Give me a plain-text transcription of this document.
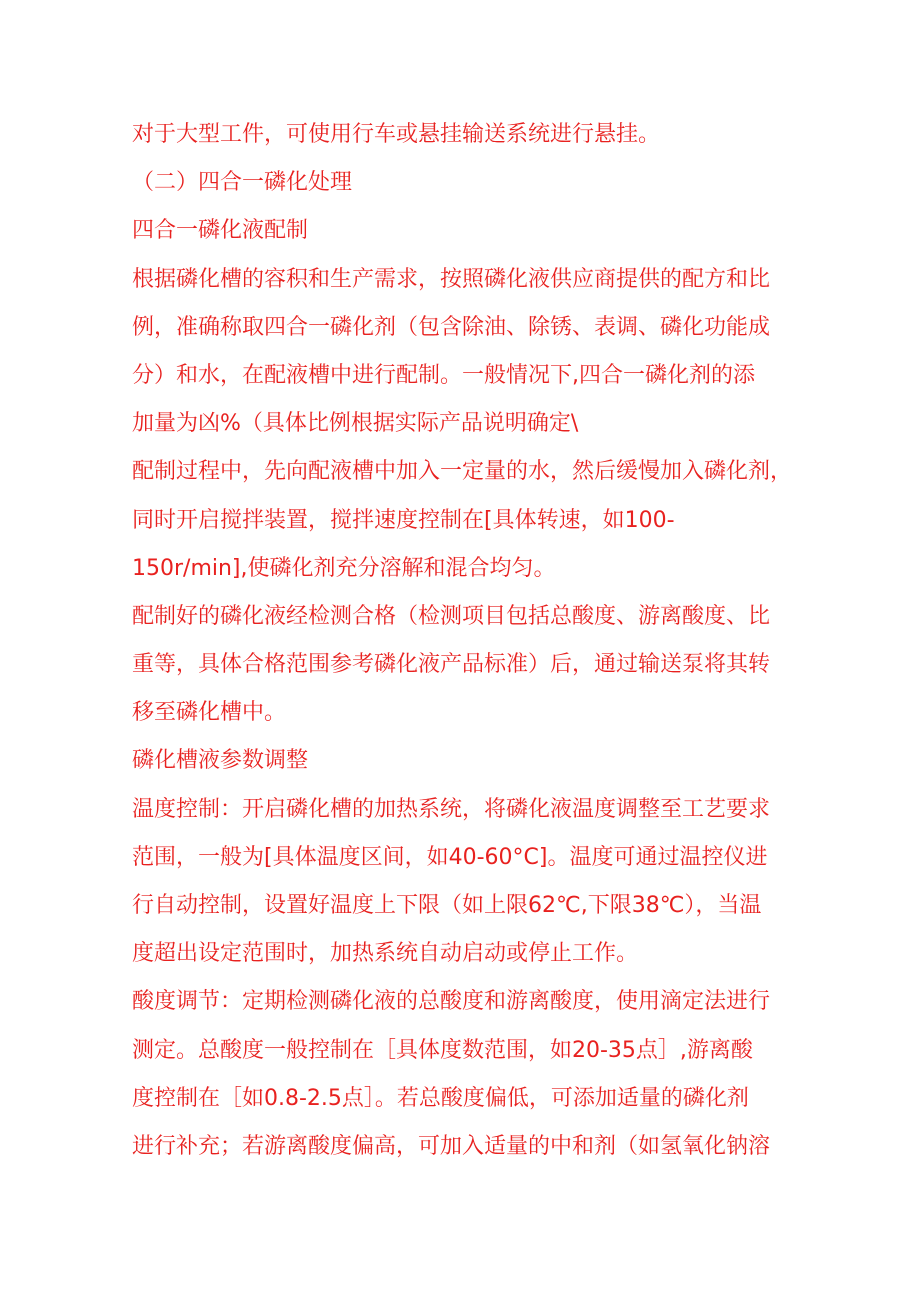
对于大型工件，可使用行车或悬挂输送系统进行悬挂。
（二）四合一磷化处理
四合一磷化液配制
根据磷化槽的容积和生产需求，按照磷化液供应商提供的配方和比
例，准确称取四合一磷化剂（包含除油、除锈、表调、磷化功能成
分）和水，在配液槽中进行配制。一般情况下,四合一磷化剂的添
加量为凶%（具体比例根据实际产品说明确定\
配制过程中，先向配液槽中加入一定量的水，然后缓慢加入磷化剂，
同时开启搅拌装置，搅拌速度控制在[具体转速，如100-
150r/min],使磷化剂充分溶解和混合均匀。
配制好的磷化液经检测合格（检测项目包括总酸度、游离酸度、比
重等，具体合格范围参考磷化液产品标准）后，通过输送泵将其转
移至磷化槽中。
磷化槽液参数调整
温度控制：开启磷化槽的加热系统，将磷化液温度调整至工艺要求
范围，一般为[具体温度区间，如40-60°C]。温度可通过温控仪进
行自动控制，设置好温度上下限（如上限62℃,下限38℃），当温
度超出设定范围时，加热系统自动启动或停止工作。
酸度调节：定期检测磷化液的总酸度和游离酸度，使用滴定法进行
测定。总酸度一般控制在［具体度数范围，如20-35点］,游离酸
度控制在［如0.8-2.5点］。若总酸度偏低，可添加适量的磷化剂
进行补充；若游离酸度偏高，可加入适量的中和剂（如氢氧化钠溶
